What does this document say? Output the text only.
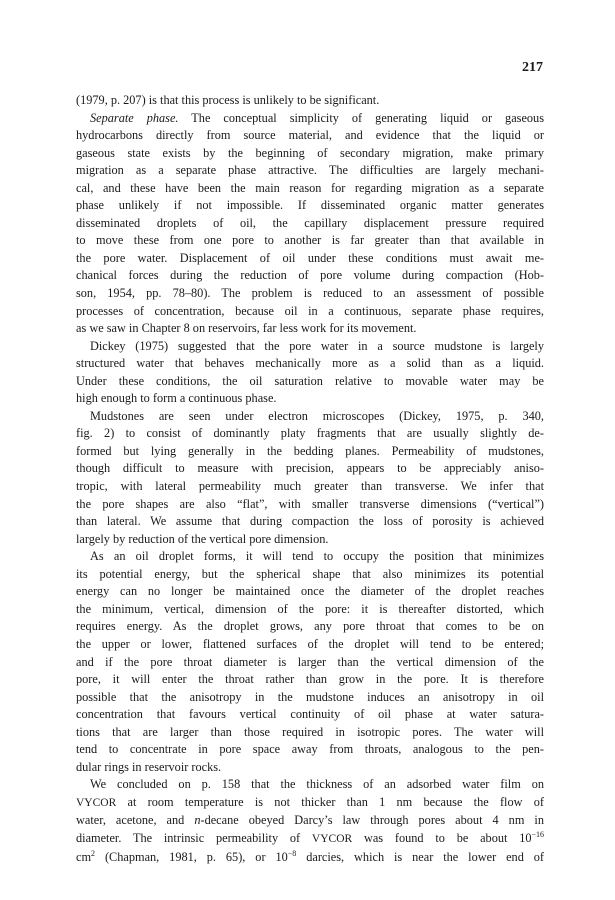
217

(1979, p. 207) is that this process is unlikely to be significant.

Separate phase. The conceptual simplicity of generating liquid or gaseous
hydrocarbons directly from source material, and evidence that the liquid or
gaseous state exists by the beginning of secondary migration, make primary
migration as a separate phase attractive. The difficulties are largely mechani-
cal, and these have been the main reason for regarding migration as a separate
phase unlikely if not impossible. If disseminated organic matter generates
disseminated droplets of oil, the capillary displacement pressure required
to move these from one pore to another is far greater than that available in
the pore water. Displacement of oil under these conditions must await me-
chanical forces during the reduction of pore volume during compaction (Hob-
son, 1954, pp. 78–80). The problem is reduced to an assessment of possible
processes of concentration, because oil in a continuous, separate phase requires,
as we saw in Chapter 8 on reservoirs, far less work for its movement.

Dickey (1975) suggested that the pore water in a source mudstone is largely
structured water that behaves mechanically more as a solid than as a liquid.
Under these conditions, the oil saturation relative to movable water may be
high enough to form a continuous phase.

Mudstones are seen under electron microscopes (Dickey, 1975, p. 340,
fig. 2) to consist of dominantly platy fragments that are usually slightly de-
formed but lying generally in the bedding planes. Permeability of mudstones,
though difficult to measure with precision, appears to be appreciably aniso-
tropic, with lateral permeability much greater than transverse. We infer that
the pore shapes are also “flat”, with smaller transverse dimensions (“vertical”)
than lateral. We assume that during compaction the loss of porosity is achieved
largely by reduction of the vertical pore dimension.

As an oil droplet forms, it will tend to occupy the position that minimizes
its potential energy, but the spherical shape that also minimizes its potential
energy can no longer be maintained once the diameter of the droplet reaches
the minimum, vertical, dimension of the pore: it is thereafter distorted, which
requires energy. As the droplet grows, any pore throat that comes to be on
the upper or lower, flattened surfaces of the droplet will tend to be entered;
and if the pore throat diameter is larger than the vertical dimension of the
pore, it will enter the throat rather than grow in the pore. It is therefore
possible that the anisotropy in the mudstone induces an anisotropy in oil
concentration that favours vertical continuity of oil phase at water satura-
tions that are larger than those required in isotropic pores. The water will
tend to concentrate in pore space away from throats, analogous to the pen-
dular rings in reservoir rocks.

We concluded on p. 158 that the thickness of an adsorbed water film on
VYCOR at room temperature is not thicker than 1 nm because the flow of
water, acetone, and n-decane obeyed Darcy’s law through pores about 4 nm in
diameter. The intrinsic permeability of VYCOR was found to be about $10^{-16}$
$cm^2$ (Chapman, 1981, p. 65), or $10^{-8}$ darcies, which is near the lower end of
